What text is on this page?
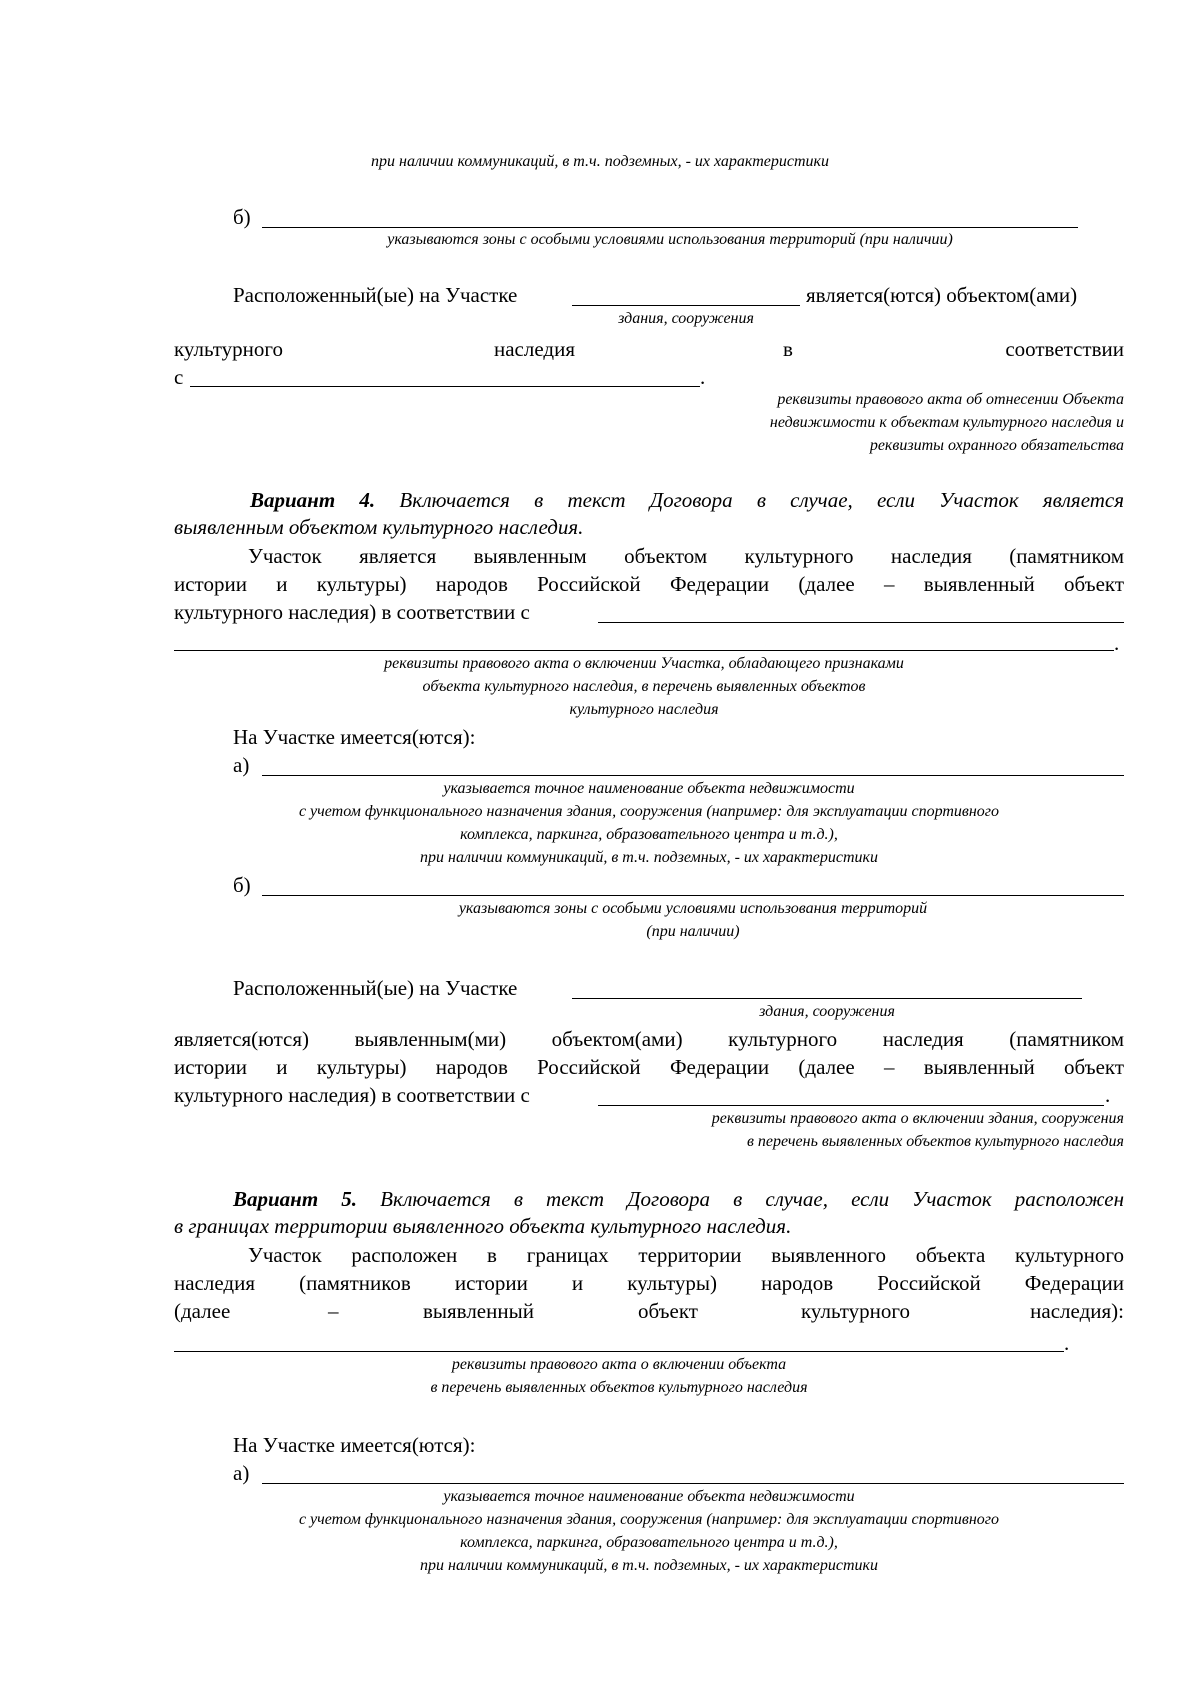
при наличии коммуникаций, в т.ч. подземных, - их характеристики
б)
указываются зоны с особыми условиями использования территорий (при наличии)
Расположенный(ые) на Участке	является(ются) объектом(ами)
здания, сооружения
культурного	наследия	в	соответствии
с	.
реквизиты правового акта об отнесении Объекта
недвижимости к объектам культурного наследия и
реквизиты охранного обязательства
Вариант 4. Включается в текст Договора в случае, если Участок является
выявленным объектом культурного наследия.
Участок является выявленным объектом культурного наследия (памятником
истории и культуры) народов Российской Федерации (далее – выявленный объект
культурного наследия) в соответствии с
.
реквизиты правового акта о включении Участка, обладающего признаками
объекта культурного наследия, в перечень выявленных объектов
культурного наследия
На Участке имеется(ются):
а)
указывается точное наименование объекта недвижимости
с учетом функционального назначения здания, сооружения (например: для эксплуатации спортивного
комплекса, паркинга, образовательного центра и т.д.),
при наличии коммуникаций, в т.ч. подземных, - их характеристики
б)
указываются зоны с особыми условиями использования территорий
(при наличии)
Расположенный(ые) на Участке
здания, сооружения
является(ются) выявленным(ми) объектом(ами) культурного наследия (памятником
истории и культуры) народов Российской Федерации (далее – выявленный объект
культурного наследия) в соответствии с	.
реквизиты правового акта о включении здания, сооружения
в перечень выявленных объектов культурного наследия
Вариант 5. Включается в текст Договора в случае, если Участок расположен
в границах территории выявленного объекта культурного наследия.
Участок расположен в границах территории выявленного объекта культурного
наследия (памятников истории и культуры) народов Российской Федерации
(далее	–	выявленный	объект	культурного	наследия):
.
реквизиты правового акта о включении объекта
в перечень выявленных объектов культурного наследия
На Участке имеется(ются):
а)
указывается точное наименование объекта недвижимости
с учетом функционального назначения здания, сооружения (например: для эксплуатации спортивного
комплекса, паркинга, образовательного центра и т.д.),
при наличии коммуникаций, в т.ч. подземных, - их характеристики
